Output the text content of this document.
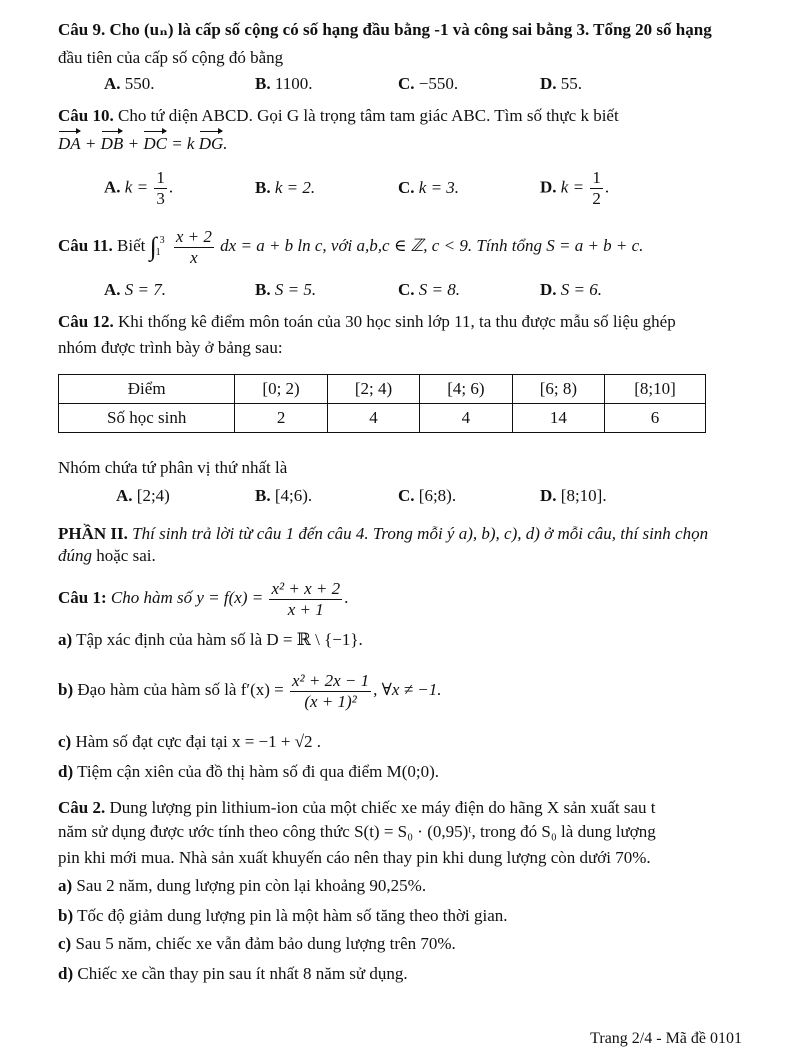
Câu 9. Cho (uₙ) là cấp số cộng có số hạng đầu bằng -1 và công sai bằng 3. Tổng 20 số hạng
đầu tiên của cấp số cộng đó bằng
A. 550.	B. 1100.	C. −550.	D. 55.
Câu 10. Cho tứ diện ABCD. Gọi G là trọng tâm tam giác ABC. Tìm số thực k biết
DA + DB + DC = k DG.
A. $k = \frac{1}{3}$ .	B. k = 2.	C. k = 3.	D. $k = \frac{1}{2}$ .
Câu 11. Biết ∫ 3
1
$\frac{x + 2}{x}$ dx = a + b ln c, với a,b,c ∈ ℤ, c < 9. Tính tổng S = a + b + c.
A. S = 7.	B. S = 5.	C. S = 8.	D. S = 6.
Câu 12. Khi thống kê điểm môn toán của 30 học sinh lớp 11, ta thu được mẫu số liệu ghép
nhóm được trình bày ở bảng sau:
Điểm	[0; 2)	[2; 4)	[4; 6)	[6; 8)	[8;10]
Số học sinh	2	4	4	14	6
Nhóm chứa tứ phân vị thứ nhất là
A. [2;4)	B. [4;6).	C. [6;8).	D. [8;10].
PHẦN II. Thí sinh trả lời từ câu 1 đến câu 4. Trong mỗi ý a), b), c), d) ở mỗi câu, thí sinh chọn
đúng hoặc sai.
Câu 1: Cho hàm số $y = f(x) = \frac{\text{x² + x + 2}}{x + 1}$ .
a) Tập xác định của hàm số là D = ℝ \ {−1}.
b) Đạo hàm của hàm số là $f'(x) = \frac{\text{x² + 2x − 1}}{\text{(x + 1)²}}$ , ∀x ≠ −1.
c) Hàm số đạt cực đại tại x = −1 + √2 .
d) Tiệm cận xiên của đồ thị hàm số đi qua điểm M(0;0).
Câu 2. Dung lượng pin lithium-ion của một chiếc xe máy điện do hãng X sản xuất sau t
năm sử dụng được ước tính theo công thức S(t) = S₀ · (0,95)ᵗ, trong đó S₀ là dung lượng
pin khi mới mua. Nhà sản xuất khuyến cáo nên thay pin khi dung lượng còn dưới 70%.
a) Sau 2 năm, dung lượng pin còn lại khoảng 90,25%.
b) Tốc độ giảm dung lượng pin là một hàm số tăng theo thời gian.
c) Sau 5 năm, chiếc xe vẫn đảm bảo dung lượng trên 70%.
d) Chiếc xe cần thay pin sau ít nhất 8 năm sử dụng.
Trang 2/4 - Mã đề 0101
